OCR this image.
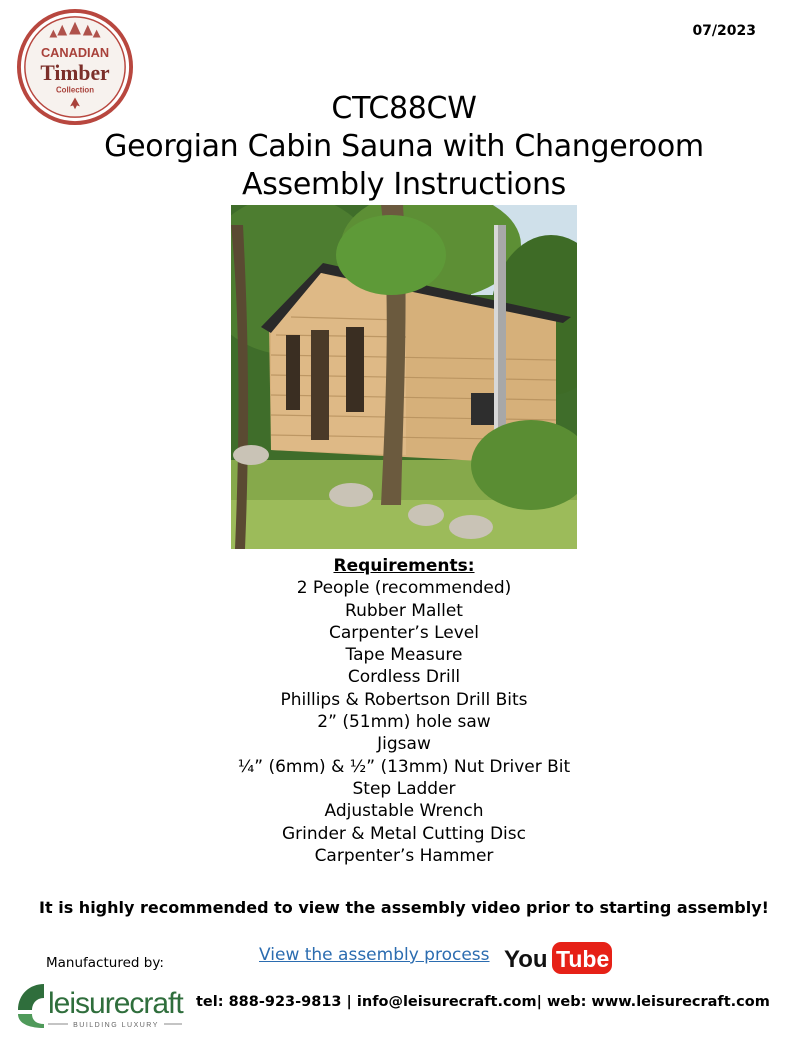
07/2023
CANADIAN
Timber
Collection
CTC88CW
Georgian Cabin Sauna with Changeroom
Assembly Instructions
Requirements:
2 People (recommended)
Rubber Mallet
Carpenter’s Level
Tape Measure
Cordless Drill
Phillips & Robertson Drill Bits
2” (51mm) hole saw
Jigsaw
¼” (6mm) & ½” (13mm) Nut Driver Bit
Step Ladder
Adjustable Wrench
Grinder & Metal Cutting Disc
Carpenter’s Hammer
It is highly recommended to view the assembly video prior to starting assembly!
Manufactured by:	View the assembly process You Tube
leisurecraft
BUILDING LUXURY
tel: 888-923-9813 | info@leisurecraft.com| web: www.leisurecraft.com
